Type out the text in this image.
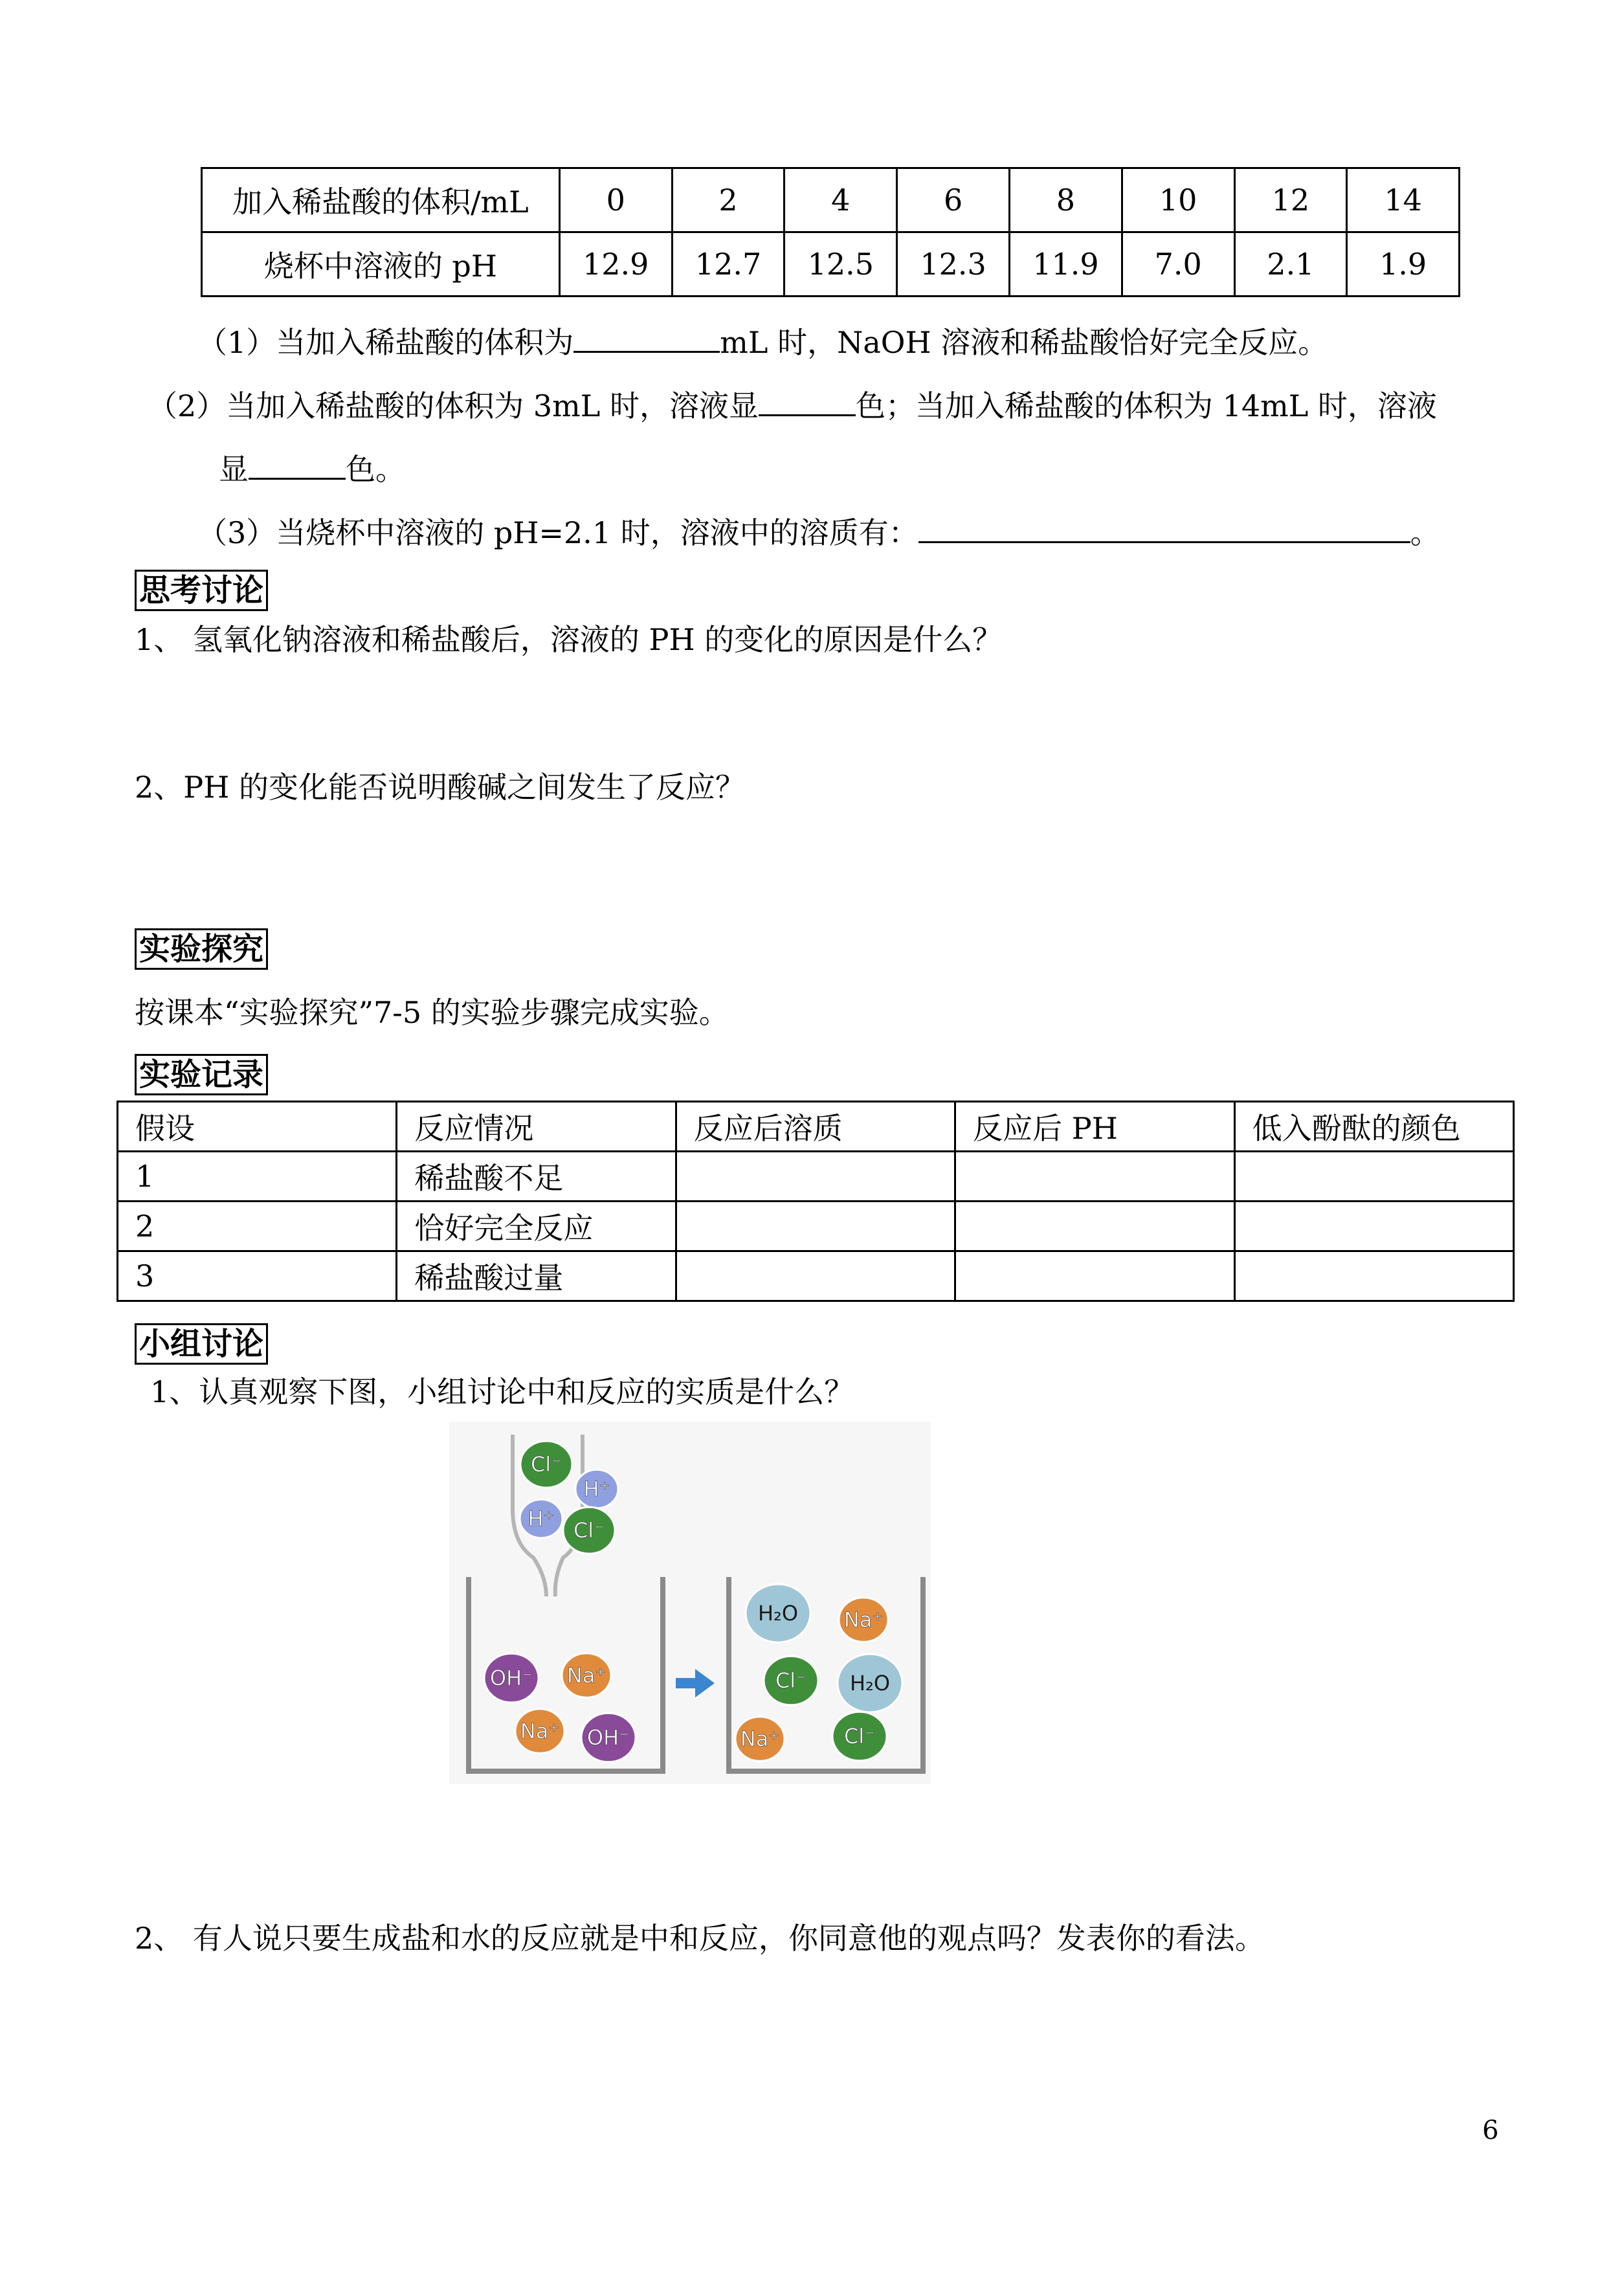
加入稀盐酸的体积/mL	0	2	4	6	8	10	12	14
烧杯中溶液的 pH	12.9	12.7	12.5	12.3	11.9	7.0	2.1	1.9
（1）当加入稀盐酸的体积为	mL 时，NaOH 溶液和稀盐酸恰好完全反应。
（2）当加入稀盐酸的体积为 3mL 时，溶液显	色；当加入稀盐酸的体积为 14mL 时，溶液
显	色。
（3）当烧杯中溶液的 pH=2.1 时，溶液中的溶质有：	。
思考讨论
1、 氢氧化钠溶液和稀盐酸后，溶液的 PH 的变化的原因是什么？
2、PH 的变化能否说明酸碱之间发生了反应？
实验探究
按课本“实验探究”7-5 的实验步骤完成实验。
实验记录
假设	反应情况	反应后溶质	反应后 PH	低入酚酞的颜色
1	稀盐酸不足			
2	恰好完全反应			
3	稀盐酸过量			
小组讨论
1、认真观察下图，小组讨论中和反应的实质是什么？
Cl⁻
H⁺
H⁺ Cl⁻
OH⁻ Na⁺
Na⁺ OH⁻
H₂O Na⁺
Cl⁻ H₂O
Na⁺	Cl⁻
2、 有人说只要生成盐和水的反应就是中和反应，你同意他的观点吗？发表你的看法。
6
